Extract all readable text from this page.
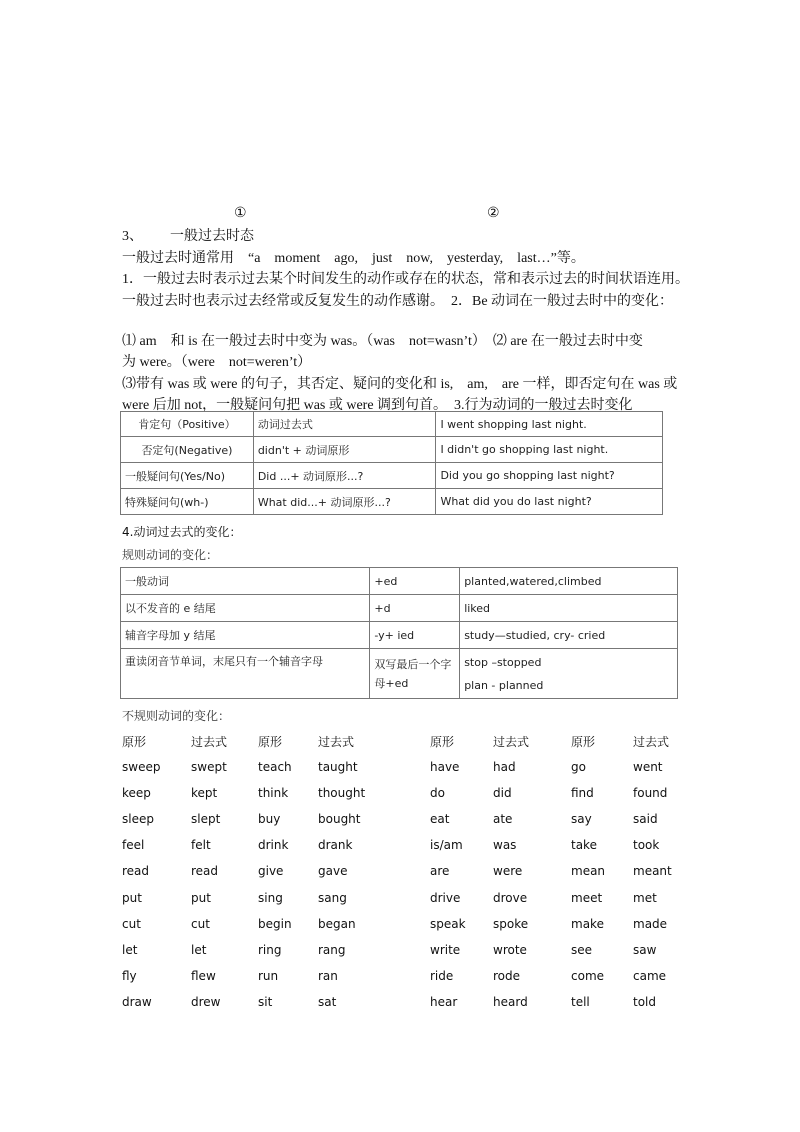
①	②
3、 一般过去时态
一般过去时通常用　“a　moment　ago,　just　now,　yesterday,　last…”等。
1．一般过去时表示过去某个时间发生的动作或存在的状态，常和表示过去的时间状语连用。
一般过去时也表示过去经常或反复发生的动作感谢。　2．Be 动词在一般过去时中的变化：
⑴ am　和 is 在一般过去时中变为 was。（was　not=wasn’t）　⑵ are 在一般过去时中变
为 were。（were　not=weren’t）
⑶带有 was 或 were 的句子，其否定、疑问的变化和 is,　am,　are 一样，即否定句在 was 或
were 后加 not，一般疑问句把 was 或 were 调到句首。　3.行为动词的一般过去时变化
肯定句（Positive）	动词过去式	I went shopping last night.
否定句(Negative)	didn't + 动词原形	I didn't go shopping last night.
一般疑问句(Yes/No)	Did ...+ 动词原形...?	Did you go shopping last night?
特殊疑问句(wh-)	What did...+ 动词原形...?	What did you do last night?
4.动词过去式的变化：
规则动词的变化：
一般动词	+ed	planted,watered,climbed
以不发音的 e 结尾	+d	liked
辅音字母加 y 结尾	-y+ ied	study—studied, cry- cried
重读闭音节单词，末尾只有一个辅音字母	双写最后一个字母+ed	stop –stopped
plan - planned
不规则动词的变化：
原形	过去式	原形	过去式	原形	过去式	原形	过去式
sweep	swept	teach taught	have	had	go	went
keep	kept	think thought	do	did	find	found
sleep	slept	buy	bought	eat	ate	say	said
feel	felt	drink drank	is/am	was	take	took
read	read	give	gave	are	were	mean meant
put	put	sing	sang	drive	drove	meet	met
cut	cut	begin began	speak spoke	make made
let	let	ring	rang	write	wrote	see	saw
fly	flew	run	ran	ride	rode	come came
draw	drew	sit	sat	hear	heard	tell	told
